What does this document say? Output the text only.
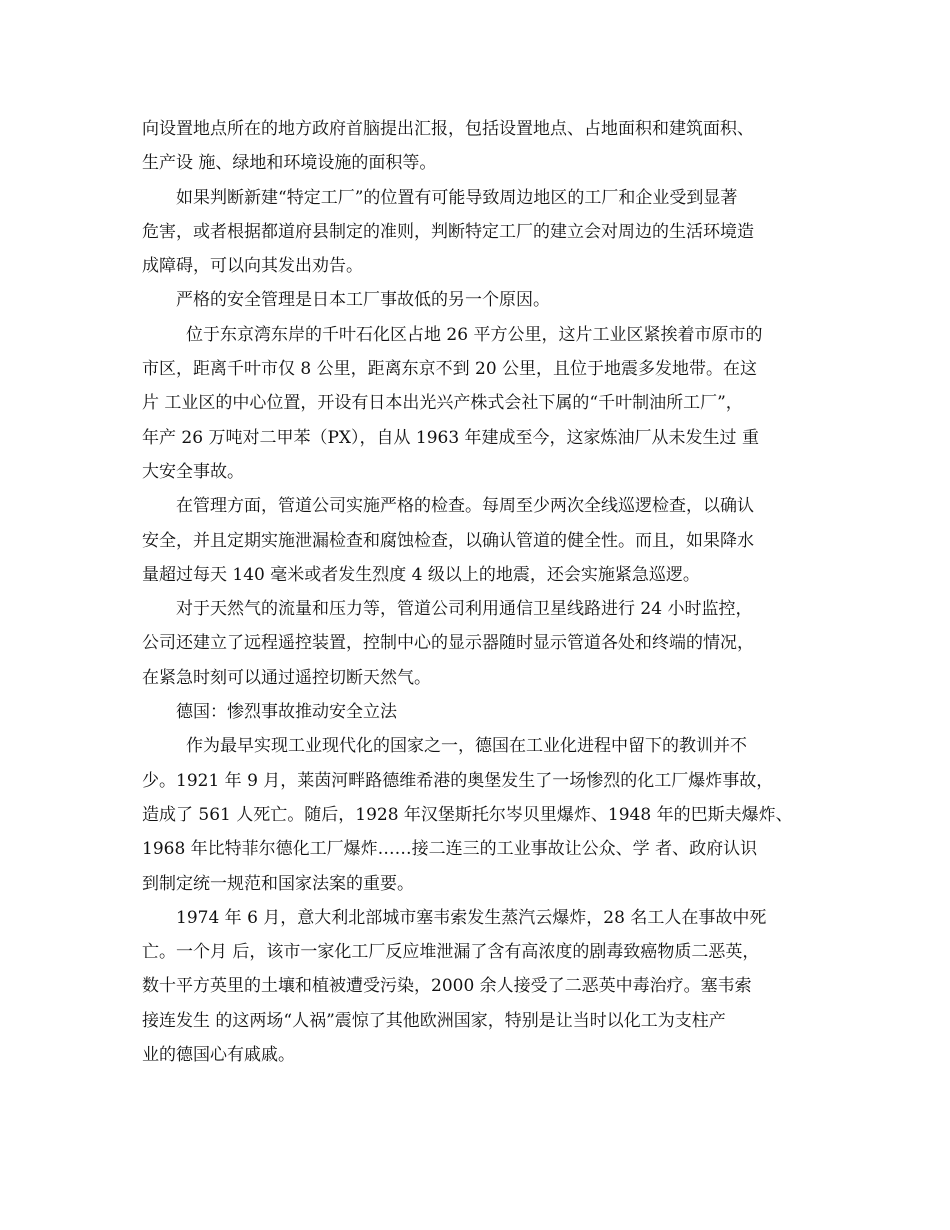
向设置地点所在的地方政府首脑提出汇报，包括设置地点、占地面积和建筑面积、
生产设 施、绿地和环境设施的面积等。
如果判断新建“特定工厂”的位置有可能导致周边地区的工厂和企业受到显著
危害，或者根据都道府县制定的准则，判断特定工厂的建立会对周边的生活环境造
成障碍，可以向其发出劝告。
严格的安全管理是日本工厂事故低的另一个原因。
位于东京湾东岸的千叶石化区占地 26 平方公里，这片工业区紧挨着市原市的
市区，距离千叶市仅 8 公里，距离东京不到 20 公里，且位于地震多发地带。在这
片 工业区的中心位置，开设有日本出光兴产株式会社下属的“千叶制油所工厂”，
年产 26 万吨对二甲苯（PX），自从 1963 年建成至今，这家炼油厂从未发生过 重
大安全事故。
在管理方面，管道公司实施严格的检查。每周至少两次全线巡逻检查，以确认
安全，并且定期实施泄漏检查和腐蚀检查，以确认管道的健全性。而且，如果降水
量超过每天 140 毫米或者发生烈度 4 级以上的地震，还会实施紧急巡逻。
对于天然气的流量和压力等，管道公司利用通信卫星线路进行 24 小时监控，
公司还建立了远程遥控装置，控制中心的显示器随时显示管道各处和终端的情况，
在紧急时刻可以通过遥控切断天然气。
德国：惨烈事故推动安全立法
作为最早实现工业现代化的国家之一，德国在工业化进程中留下的教训并不
少。1921 年 9 月，莱茵河畔路德维希港的奥堡发生了一场惨烈的化工厂爆炸事故，
造成了 561 人死亡。随后，1928 年汉堡斯托尔岑贝里爆炸、1948 年的巴斯夫爆炸、
1968 年比特菲尔德化工厂爆炸……接二连三的工业事故让公众、学 者、政府认识
到制定统一规范和国家法案的重要。
1974 年 6 月，意大利北部城市塞韦索发生蒸汽云爆炸，28 名工人在事故中死
亡。一个月 后，该市一家化工厂反应堆泄漏了含有高浓度的剧毒致癌物质二恶英，
数十平方英里的土壤和植被遭受污染，2000 余人接受了二恶英中毒治疗。塞韦索
接连发生 的这两场“人祸”震惊了其他欧洲国家，特别是让当时以化工为支柱产
业的德国心有戚戚。
